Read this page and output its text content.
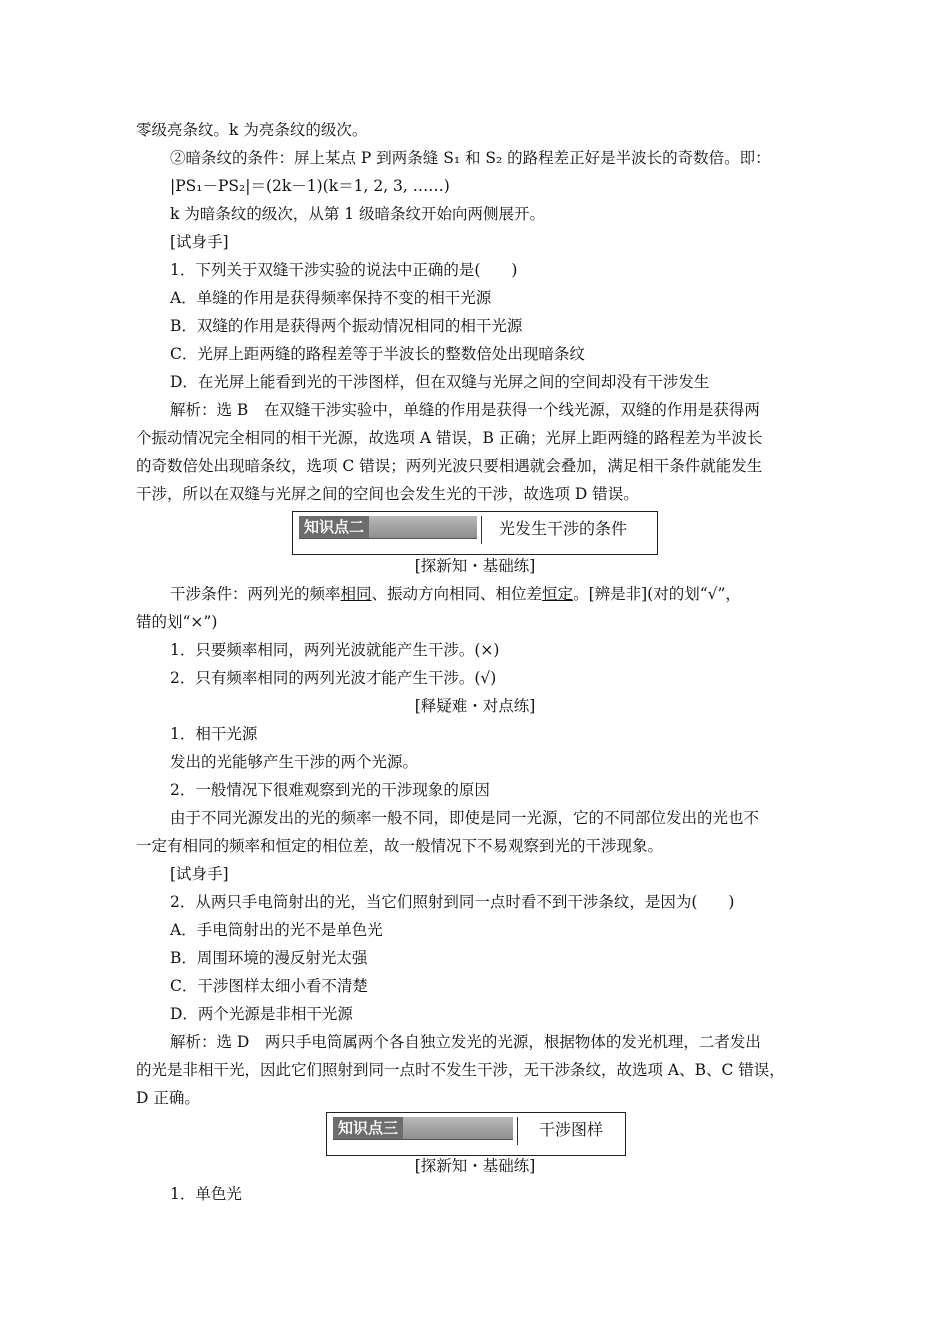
零级亮条纹。k 为亮条纹的级次。
②暗条纹的条件：屏上某点 P 到两条缝 S₁ 和 S₂ 的路程差正好是半波长的奇数倍。即：
|PS₁－PS₂|＝(2k－1)(k＝1, 2, 3, ……)
k 为暗条纹的级次，从第 1 级暗条纹开始向两侧展开。
[试身手]
1．下列关于双缝干涉实验的说法中正确的是(　　)
A．单缝的作用是获得频率保持不变的相干光源
B．双缝的作用是获得两个振动情况相同的相干光源
C．光屏上距两缝的路程差等于半波长的整数倍处出现暗条纹
D．在光屏上能看到光的干涉图样，但在双缝与光屏之间的空间却没有干涉发生
解析：选 B　在双缝干涉实验中，单缝的作用是获得一个线光源，双缝的作用是获得两
个振动情况完全相同的相干光源，故选项 A 错误，B 正确；光屏上距两缝的路程差为半波长
的奇数倍处出现暗条纹，选项 C 错误；两列光波只要相遇就会叠加，满足相干条件就能发生
干涉，所以在双缝与光屏之间的空间也会发生光的干涉，故选项 D 错误。
知识点二	光发生干涉的条件
[探新知・基础练]
干涉条件：两列光的频率相同、振动方向相同、相位差恒定。[辨是非](对的划“√”，
错的划“×”)
1．只要频率相同，两列光波就能产生干涉。(×)
2．只有频率相同的两列光波才能产生干涉。(√)
[释疑难・对点练]
1．相干光源
发出的光能够产生干涉的两个光源。
2．一般情况下很难观察到光的干涉现象的原因
由于不同光源发出的光的频率一般不同，即使是同一光源，它的不同部位发出的光也不
一定有相同的频率和恒定的相位差，故一般情况下不易观察到光的干涉现象。
[试身手]
2．从两只手电筒射出的光，当它们照射到同一点时看不到干涉条纹，是因为(　　)
A．手电筒射出的光不是单色光
B．周围环境的漫反射光太强
C．干涉图样太细小看不清楚
D．两个光源是非相干光源
解析：选 D　两只手电筒属两个各自独立发光的光源，根据物体的发光机理，二者发出
的光是非相干光，因此它们照射到同一点时不发生干涉，无干涉条纹，故选项 A、B、C 错误，
D 正确。
知识点三	干涉图样
[探新知・基础练]
1．单色光
